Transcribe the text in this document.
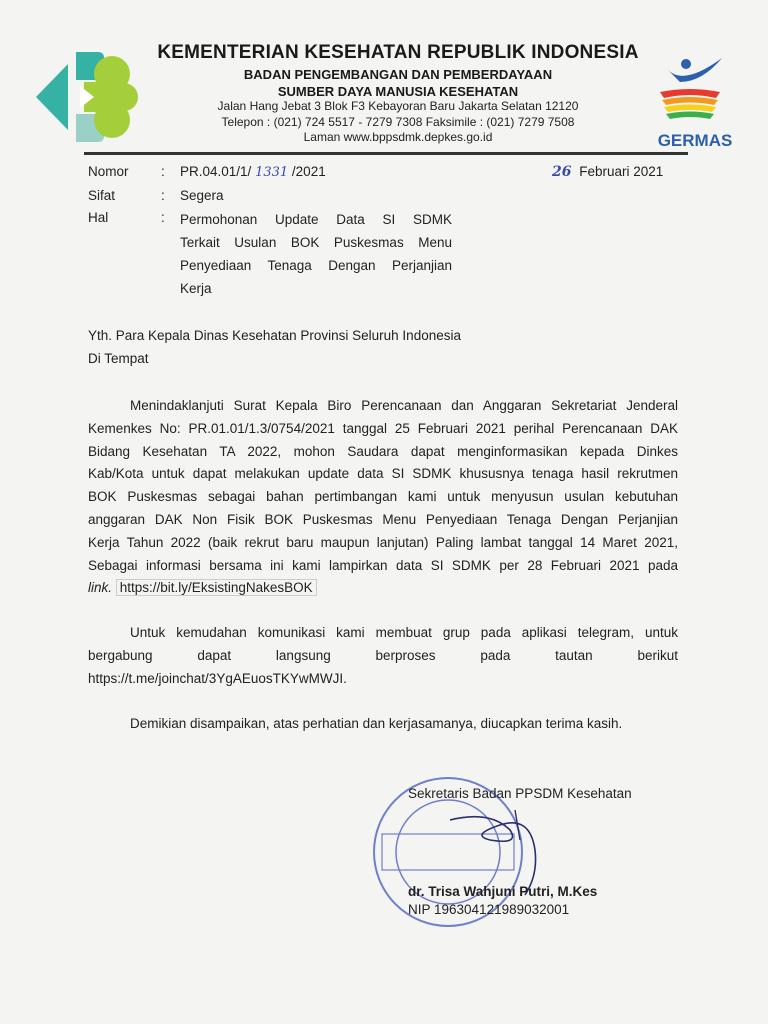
KEMENTERIAN KESEHATAN REPUBLIK INDONESIA
BADAN PENGEMBANGAN DAN PEMBERDAYAAN
SUMBER DAYA MANUSIA KESEHATAN
Jalan Hang Jebat 3 Blok F3 Kebayoran Baru Jakarta Selatan 12120
Telepon : (021) 724 5517 - 7279 7308 Faksimile : (021) 7279 7508
Laman www.bppsdmk.depkes.go.id	GERMAS
Nomor : PR.04.01/1/ 1331 /2021	26 Februari 2021
Sifat	: Segera
Hal	: Permohonan Update Data SI SDMK
Terkait Usulan BOK Puskesmas Menu
Penyediaan Tenaga Dengan Perjanjian
Kerja
Yth. Para Kepala Dinas Kesehatan Provinsi Seluruh Indonesia
Di Tempat
Menindaklanjuti Surat Kepala Biro Perencanaan dan Anggaran Sekretariat Jenderal
Kemenkes No: PR.01.01/1.3/0754/2021 tanggal 25 Februari 2021 perihal Perencanaan DAK
Bidang Kesehatan TA 2022, mohon Saudara dapat menginformasikan kepada Dinkes
Kab/Kota untuk dapat melakukan update data SI SDMK khususnya tenaga hasil rekrutmen
BOK Puskesmas sebagai bahan pertimbangan kami untuk menyusun usulan kebutuhan
anggaran DAK Non Fisik BOK Puskesmas Menu Penyediaan Tenaga Dengan Perjanjian
Kerja Tahun 2022 (baik rekrut baru maupun lanjutan) Paling lambat tanggal 14 Maret 2021,
Sebagai informasi bersama ini kami lampirkan data SI SDMK per 28 Februari 2021 pada
link. https://bit.ly/EksistingNakesBOK
Untuk kemudahan komunikasi kami membuat grup pada aplikasi telegram, untuk
bergabung dapat langsung berproses pada tautan berikut
https://t.me/joinchat/3YgAEuosTKYwMWJI.
Demikian disampaikan, atas perhatian dan kerjasamanya, diucapkan terima kasih.
Sekretaris Badan PPSDM Kesehatan
dr. Trisa Wahjuni Putri, M.Kes
NIP 196304121989032001
